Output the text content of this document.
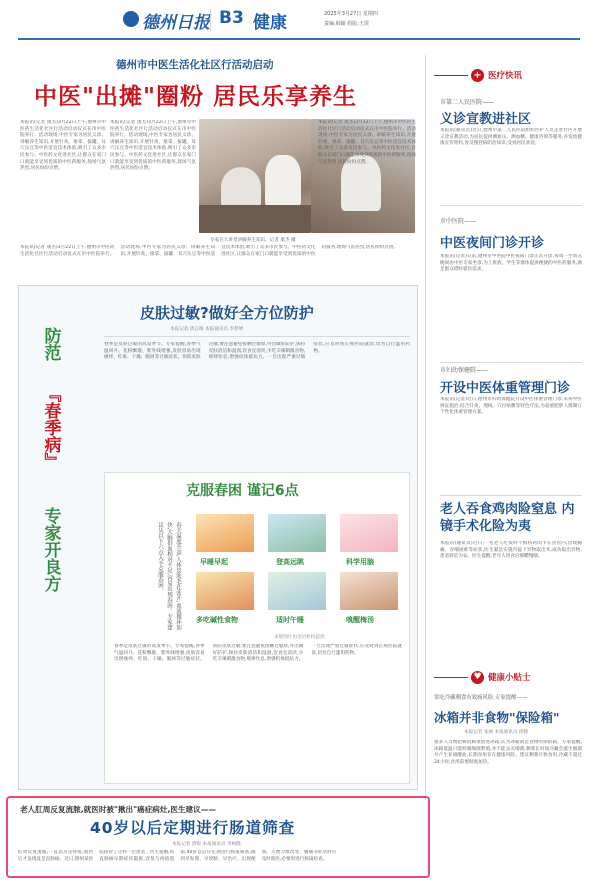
德州日报 B3 健康	2025年3月27日 星期四
责编:韩颖 组版:王震
德州市中医生活化社区行活动启动
中医"出摊"圈粉 居民乐享养生
本报讯(记者 康杰)3月22日上午,德州市中医药生活化社区行活动启动仪式在市中医院举行。活动现场,中医专家为居民义诊、讲解养生知识,开展针灸、推拿、拔罐、耳穴压豆等中医适宜技术体验,吸引了众多市民参与。中医药文化进社区,让群众在家门口就能享受到优质的中医药服务,现场气氛热烈,居民纷纷点赞。
本报讯(记者 康杰)3月22日上午,德州市中医药生活化社区行活动启动仪式在市中医院举行。活动现场,中医专家为居民义诊、讲解养生知识,开展针灸、推拿、拔罐、耳穴压豆等中医适宜技术体验,吸引了众多市民参与。中医药文化进社区,让群众在家门口就能享受到优质的中医药服务,现场气氛热烈,居民纷纷点赞。
专家在大讲堂讲解养生知识。记者 康杰 摄
本报讯(记者 康杰)3月22日上午,德州市中医药生活化社区行活动启动仪式在市中医院举行。活动现场,中医专家为居民义诊、讲解养生知识,开展针灸、推拿、拔罐、耳穴压豆等中医适宜技术体验,吸引了众多市民参与。中医药文化进社区,让群众在家门口就能享受到优质的中医药服务,现场气氛热烈,居民纷纷点赞。
本报讯(记者 康杰)3月22日上午,德州市中医药生活化社区行活动启动仪式在市中医院举行。活动现场,中医专家为居民义诊、讲解养生知识,开展针灸、推拿、拔罐、耳穴压豆等中医适宜技术体验,吸引了众多市民参与。中医药文化进社区,让群众在家门口就能享受到优质的中医药服务,现场气氛热烈,居民纷纷点赞。
+ 医疗快讯
市第二人民医院——
义诊宣教进社区
本报讯(通讯员)近日,德州市第二人民医院组织医护人员走进社区开展义诊宣教活动,为居民提供测血压、测血糖、健康咨询等服务,并发放健康宣传资料,普及慢性病防治知识,受到居民欢迎。
市中医院——
中医夜间门诊开诊
本报讯(记者)日前,德州市中医院中医夜间门诊正式开诊,每周一至周五晚间由中医专家坐诊,为上班族、学生等群体提供便捷的中医药服务,满足群众错时就医需求。
市妇幼保健院——
开设中医体重管理门诊
本报讯(记者)近日,德州市妇幼保健院开设中医体重管理门诊,采用中医辨证施治,结合针灸、埋线、穴位贴敷等特色疗法,为超重肥胖人群制订个性化体重管理方案。
老人吞食鸡肉险窒息 内镜手术化险为夷
本报讯(通讯员)近日,一名老人吃饭时不慎将鸡肉卡在食管内,出现胸痛、吞咽困难等症状,医生紧急实施内镜下异物取出术,成功取出异物,患者转危为安。医生提醒,老年人进食应细嚼慢咽。
♥ 健康小贴士
常吃冷藏剩食有致癌风险,专家提醒——
冰箱并非食物"保险箱"
本报记者 张丽 本报通讯员 徐晓
很多人习惯把剩饭剩菜放进冰箱,认为冰箱就是食物的保险箱。专家提醒,冰箱低温只能抑制细菌繁殖,并不能杀灭细菌,剩菜长时间冷藏会滋生细菌并产生亚硝酸盐,长期食用存在健康风险。建议剩菜尽快食用,冷藏不超过24小时,食用前要彻底加热。
防范
『春季病』
专家开良方
皮肤过敏?做好全方位防护
本报记者 唐志梅 本报通讯员 李梦婷
春季是皮肤过敏的高发季节。专家提醒,春季气温回升、花粉飘散、紫外线增强,皮肤容易出现瘙痒、红斑、干燥、脱屑等过敏症状。预防皮肤过敏,要注意避免接触过敏原,外出做好防护,保持皮肤清洁和湿润,饮食宜清淡,少吃辛辣刺激食物,规律作息,增强机体抵抗力。一旦出现严重过敏症状,应及时到正规医院就诊,切勿自行滥用药物。
克服春困 谨记6点
春天温度升高,人体皮肤毛孔张开,血液循环加快,大脑供血相对不足,容易出现春困。专家建议从以下六点入手克服春困。	早睡早起	登高远眺	科学用脑
多吃碱性食物	适时午睡	嗅醒梅汤
本版图片由受访机构提供
春季是皮肤过敏的高发季节。专家提醒,春季气温回升、花粉飘散、紫外线增强,皮肤容易出现瘙痒、红斑、干燥、脱屑等过敏症状。预防皮肤过敏,要注意避免接触过敏原,外出做好防护,保持皮肤清洁和湿润,饮食宜清淡,少吃辛辣刺激食物,规律作息,增强机体抵抗力。一旦出现严重过敏症状,应及时到正规医院就诊,切勿自行滥用药物。
老人肛周反复流脓,就医时被"揪出"癌症病灶,医生建议——
40岁以后定期进行肠道筛查
本报记者 唐锐 本报通讯员 李树晓
肛周反复流脓,一直以为是痔疮,就医后才发现竟是直肠癌。近日,德州某医院接诊了这样一位患者。医生提醒,结直肠癌早期症状隐匿,容易与痔疮混淆,40岁以后应定期进行肠道筛查,做到早发现、早诊断、早治疗。出现便血、大便习惯改变、腹痛等症状时应及时就医,必要时进行肠镜检查。
